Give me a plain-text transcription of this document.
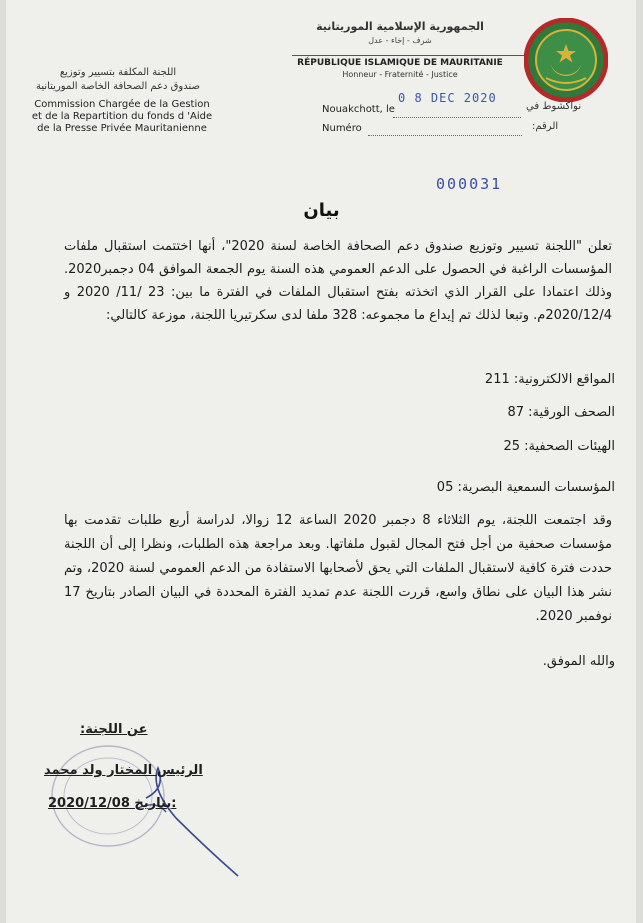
اللجنة المكلفة بتسيير وتوزيع
صندوق دعم الصحافة الخاصة الموريتانية
Commission Chargée de la Gestion
et de la Repartition du fonds d 'Aide
de la Presse Privée Mauritanienne
الجمهورية الإسلامية الموريتانية
شرف - إخاء - عدل
RÉPUBLIQUE ISLAMIQUE DE MAURITANIE
Honneur - Fraternité - Justice
Nouakchott, le
0 8 DEC 2020
نواكشوط في
Numéro	الرقم:
000031
بيان
تعلن "اللجنة تسيير وتوزيع صندوق دعم الصحافة الخاصة لسنة 2020"، أنها اختتمت استقبال ملفات المؤسسات الراغبة في الحصول على الدعم العمومي هذه السنة يوم الجمعة الموافق 04 دجمبر2020. وذلك اعتمادا على القرار الذي اتخذته بفتح استقبال الملفات في الفترة ما بين: 23 /11/ 2020 و 2020/12/4م. وتبعا لذلك تم إيداع ما مجموعه: 328 ملفا لدى سكرتيريا اللجنة، موزعة كالتالي:
المواقع الالكترونية: 211
الصحف الورقية: 87
الهيئات الصحفية: 25
المؤسسات السمعية البصرية: 05
وقد اجتمعت اللجنة، يوم الثلاثاء 8 دجمبر 2020 الساعة 12 زوالا، لدراسة أربع طلبات تقدمت بها مؤسسات صحفية من أجل فتح المجال لقبول ملفاتها. وبعد مراجعة هذه الطلبات، ونظرا إلى أن اللجنة حددت فترة كافية لاستقبال الملفات التي يحق لأصحابها الاستفادة من الدعم العمومي لسنة 2020، وتم نشر هذا البيان على نطاق واسع، قررت اللجنة عدم تمديد الفترة المحددة في البيان الصادر بتاريخ 17 نوفمبر 2020.
والله الموفق.
عن اللجنة:
الرئيس المختار ولد محمد
2020/12/08 بتاريخ:
